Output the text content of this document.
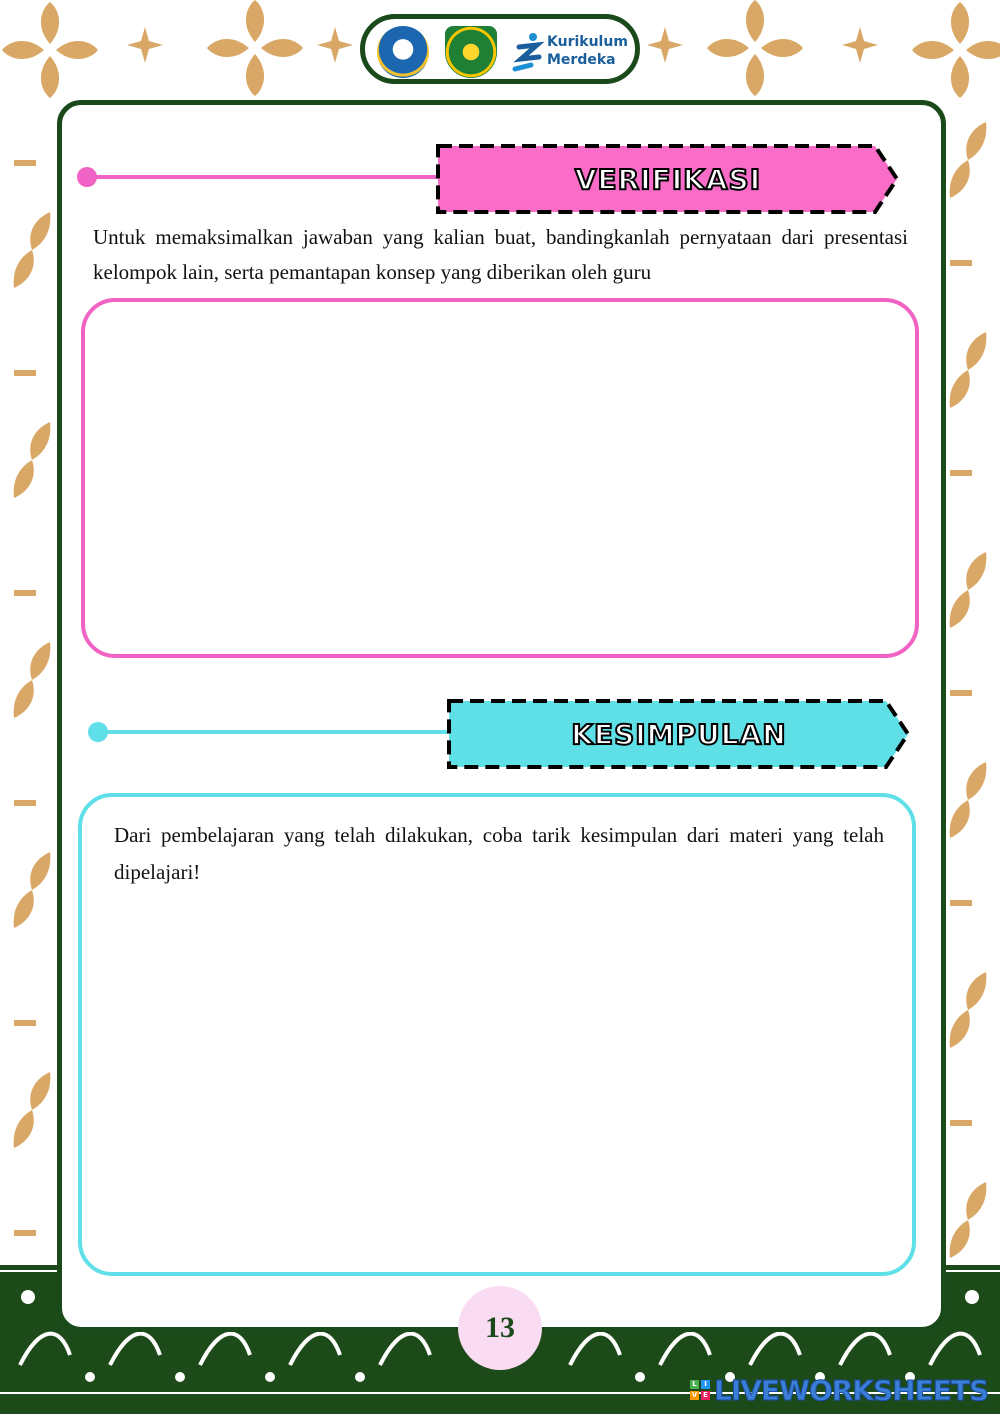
Kurikulum
Merdeka
VERIFIKASI

Untuk memaksimalkan jawaban yang kalian buat, bandingkanlah pernyataan dari presentasi kelompok lain, serta pemantapan konsep yang diberikan oleh guru

KESIMPULAN

Dari pembelajaran yang telah dilakukan, coba tarik kesimpulan dari materi yang telah dipelajari!

13
L	I
V E LIVEWORKSHEETS
